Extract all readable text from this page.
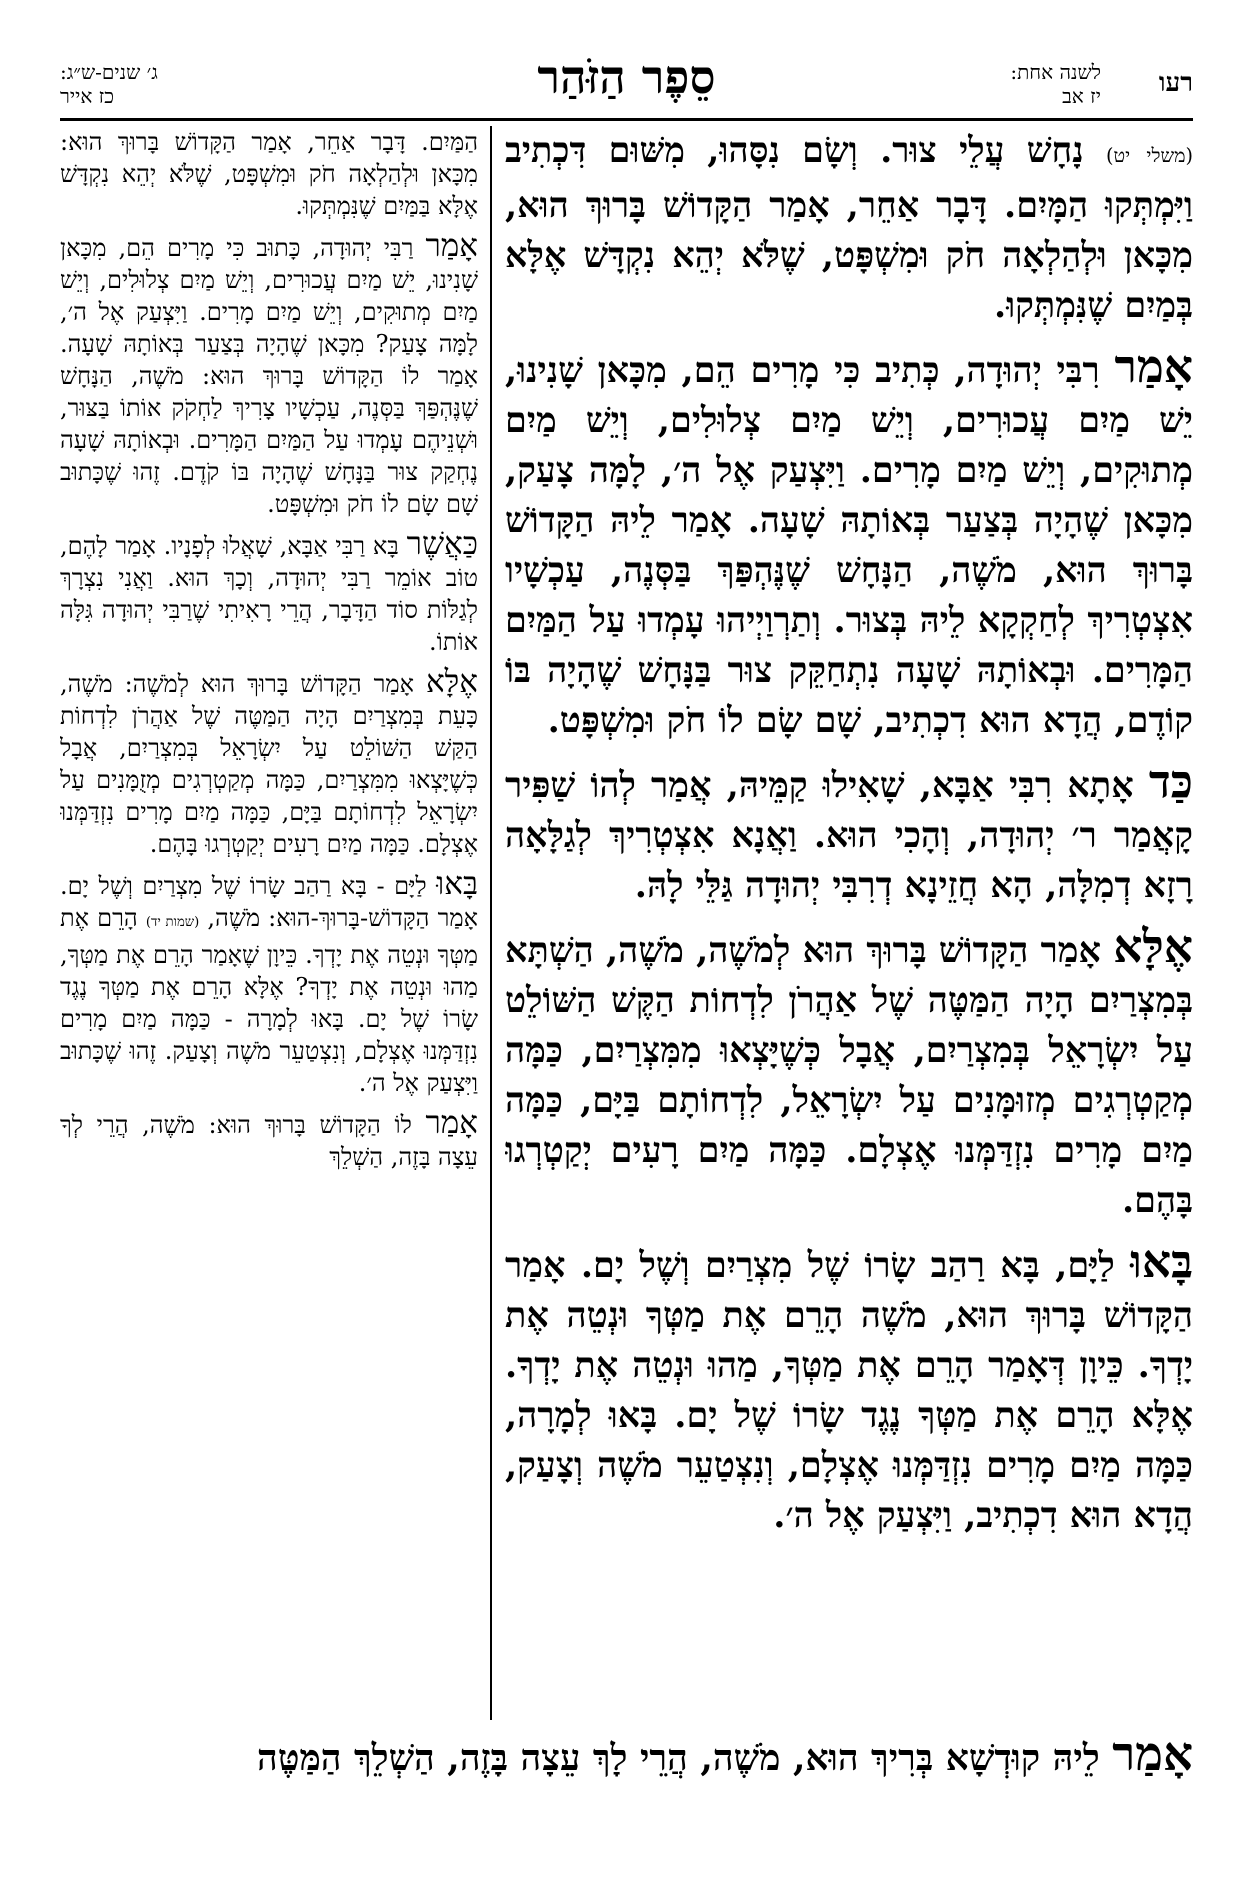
רעו
לשנה אחת:
יז אב
סֵפֶר הַזֹּהַר
ג׳ שנים-ש״ג:
כז אייר

(משלי יט) נָחָשׁ עֲלֵי צוּר. וְשָׂם נִסָּהוּ, מִשּׁוּם דִּכְתִיב וַיִּמְתְּקוּ הַמָּיִם. דָּבָר אַחֵר, אָמַר הַקָּדוֹשׁ בָּרוּךְ הוּא, מִכָּאן וּלְהַלְאָה חֹק וּמִשְׁפָּט, שֶׁלֹּא יְהֵא נִקְדָּשׁ אֶלָּא בְּמַיִם שֶׁנִּמְתְּקוּ.

אָמַר רִבִּי יְהוּדָה, כְּתִיב כִּי מָרִים הֵם, מִכָּאן שָׁנִינוּ, יֵשׁ מַיִם עֲכוּרִים, וְיֵשׁ מַיִם צְלוּלִים, וְיֵשׁ מַיִם מְתוּקִים, וְיֵשׁ מַיִם מָרִים. וַיִּצְעַק אֶל ה׳, לָמָּה צָעַק, מִכָּאן שֶׁהָיָה בְּצַעַר בְּאוֹתָהּ שָׁעָה. אָמַר לֵיהּ הַקָּדוֹשׁ בָּרוּךְ הוּא, מֹשֶׁה, הַנָּחָשׁ שֶׁנֶּהְפַּךְ בַּסְּנֶה, עַכְשָׁיו אִצְטְרִיךְ לְחַקְקָא לֵיהּ בְּצוּר. וְתַרְוַיְיהוּ עָמְדוּ עַל הַמַּיִם הַמָּרִים. וּבְאוֹתָהּ שָׁעָה נִתְחַקֵּק צוּר בַּנָּחָשׁ שֶׁהָיָה בּוֹ קוֹדֶם, הֲדָא הוּא דִכְתִיב, שָׁם שָׂם לוֹ חֹק וּמִשְׁפָּט.

כַּד אָתָא רִבִּי אַבָּא, שָׁאִילוּ קַמֵּיהּ, אֲמַר לְהוֹ שַׁפִּיר קָאֲמַר ר׳ יְהוּדָה, וְהָכִי הוּא. וַאֲנָא אִצְטְרִיךְ לְגַלָּאָה רָזָא דְמִלָּה, הָא חֲזֵינָא דְרִבִּי יְהוּדָה גַּלֵּי לָהּ.

אֶלָּא אָמַר הַקָּדוֹשׁ בָּרוּךְ הוּא לְמֹשֶׁה, מֹשֶׁה, הַשְׁתָּא בְּמִצְרַיִם הָיָה הַמַּטֶּה שֶׁל אַהֲרֹן לִדְחוֹת הַקֶּשׁ הַשּׁוֹלֵט עַל יִשְׂרָאֵל בְּמִצְרַיִם, אֲבָל כְּשֶׁיָּצְאוּ מִמִּצְרַיִם, כַּמָּה מְקַטְרְגִים מְזוּמָּנִים עַל יִשְׂרָאֵל, לִדְחוֹתָם בַּיָּם, כַּמָּה מַיִם מָרִים נִזְדַּמְּנוּ אֶצְלָם. כַּמָּה מַיִם רָעִים יְקַטְרְגוּ בָּהֶם.

בָּאוּ לַיָּם, בָּא רַהַב שָׂרוֹ שֶׁל מִצְרַיִם וְשֶׁל יָם. אָמַר הַקָּדוֹשׁ בָּרוּךְ הוּא, מֹשֶׁה הָרֵם אֶת מַטְּךָ וּנְטֵה אֶת יָדְךָ. כֵּיוָן דְּאָמַר הָרֵם אֶת מַטְּךָ, מַהוּ וּנְטֵה אֶת יָדְךָ. אֶלָּא הָרֵם אֶת מַטְּךָ נֶגֶד שָׂרוֹ שֶׁל יָם. בָּאוּ לְמָרָה, כַּמָּה מַיִם מָרִים נִזְדַּמְּנוּ אֶצְלָם, וְנִצְטַעֵר מֹשֶׁה וְצָעַק, הֲדָא הוּא דִכְתִיב, וַיִּצְעַק אֶל ה׳.

הַמַּיִם. דָּבָר אַחֵר, אָמַר הַקָּדוֹשׁ בָּרוּךְ הוּא: מִכָּאן וּלְהַלְאָה חֹק וּמִשְׁפָּט, שֶׁלֹּא יְהֵא נִקְדָּשׁ אֶלָּא בַּמַּיִם שֶׁנִּמְתְּקוּ.

אָמַר רַבִּי יְהוּדָה, כָּתוּב כִּי מָרִים הֵם, מִכָּאן שָׁנִינוּ, יֵשׁ מַיִם עֲכוּרִים, וְיֵשׁ מַיִם צְלוּלִים, וְיֵשׁ מַיִם מְתוּקִים, וְיֵשׁ מַיִם מָרִים. וַיִּצְעַק אֶל ה׳, לָמָּה צָעַק? מִכָּאן שֶׁהָיָה בְּצַעַר בְּאוֹתָהּ שָׁעָה. אָמַר לוֹ הַקָּדוֹשׁ בָּרוּךְ הוּא: מֹשֶׁה, הַנָּחָשׁ שֶׁנֶּהְפַּךְ בַּסְּנֶה, עַכְשָׁיו צָרִיךְ לַחְקֹק אוֹתוֹ בַּצּוּר, וּשְׁנֵיהֶם עָמְדוּ עַל הַמַּיִם הַמָּרִים. וּבְאוֹתָהּ שָׁעָה נֶחְקַק צוּר בַּנָּחָשׁ שֶׁהָיָה בּוֹ קֹדֶם. זֶהוּ שֶׁכָּתוּב שָׁם שָׂם לוֹ חֹק וּמִשְׁפָּט.

כַּאֲשֶׁר בָּא רַבִּי אַבָּא, שָׁאֲלוּ לְפָנָיו. אָמַר לָהֶם, טוֹב אוֹמֵר רַבִּי יְהוּדָה, וְכָךְ הוּא. וַאֲנִי נִצְרָךְ לְגַלּוֹת סוֹד הַדָּבָר, הֲרֵי רָאִיתִי שֶׁרַבִּי יְהוּדָה גִּלָּה אוֹתוֹ.

אֶלָּא אָמַר הַקָּדוֹשׁ בָּרוּךְ הוּא לְמֹשֶׁה: מֹשֶׁה, כָּעֵת בְּמִצְרַיִם הָיָה הַמַּטֶּה שֶׁל אַהֲרֹן לִדְחוֹת הַקַּשׁ הַשּׁוֹלֵט עַל יִשְׂרָאֵל בְּמִצְרַיִם, אֲבָל כְּשֶׁיָּצְאוּ מִמִּצְרַיִם, כַּמָּה מְקַטְרְגִים מְזֻמָּנִים עַל יִשְׂרָאֵל לִדְחוֹתָם בַּיָּם, כַּמָּה מַיִם מָרִים נִזְדַּמְּנוּ אֶצְלָם. כַּמָּה מַיִם רָעִים יְקַטְרְגוּ בָּהֶם.

בָּאוּ לַיָּם - בָּא רַהַב שָׂרוֹ שֶׁל מִצְרַיִם וְשֶׁל יָם. אָמַר הַקָּדוֹשׁ-בָּרוּךְ-הוּא: מֹשֶׁה, (שמות יד) הָרֵם אֶת מַטְּךָ וּנְטֵה אֶת יָדְךָ. כֵּיוָן שֶׁאָמַר הָרֵם אֶת מַטְּךָ, מַהוּ וּנְטֵה אֶת יָדְךָ? אֶלָּא הָרֵם אֶת מַטְּךָ נֶגֶד שָׂרוֹ שֶׁל יָם. בָּאוּ לְמָרָה - כַּמָּה מַיִם מָרִים נִזְדַּמְּנוּ אֶצְלָם, וְנִצְטַעֵר מֹשֶׁה וְצָעַק. זֶהוּ שֶׁכָּתוּב וַיִּצְעַק אֶל ה׳.

אָמַר לוֹ הַקָּדוֹשׁ בָּרוּךְ הוּא: מֹשֶׁה, הֲרֵי לְךָ עֵצָה בָּזֶה, הַשְׁלֵךְ

אָמַר לֵיהּ קוּדְשָׁא בְּרִיךְ הוּא, מֹשֶׁה, הֲרֵי לָךְ עֵצָה בָּזֶה, הַשְׁלֵךְ הַמַּטֶּה
